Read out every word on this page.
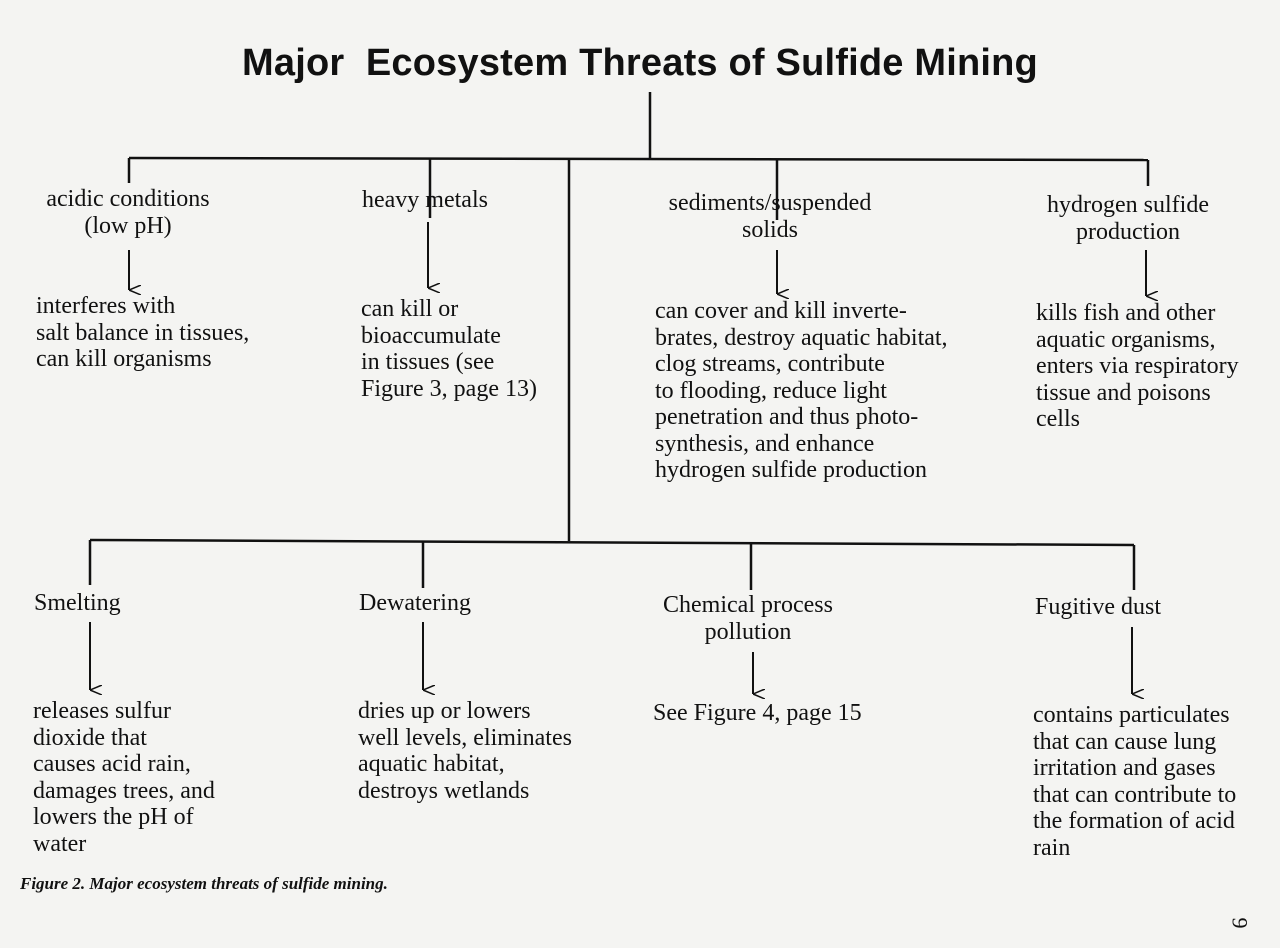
Major  Ecosystem Threats of Sulfide Mining
acidic conditions
(low pH)
interferes with
salt balance in tissues,
can kill organisms
heavy metals
can kill or
bioaccumulate
in tissues (see
Figure 3, page 13)
sediments/suspended
solids
can cover and kill inverte-
brates, destroy aquatic habitat,
clog streams, contribute
to flooding, reduce light
penetration and thus photo-
synthesis, and enhance
hydrogen sulfide production
hydrogen sulfide
production
kills fish and other
aquatic organisms,
enters via respiratory
tissue and poisons
cells
Smelting
releases sulfur
dioxide that
causes acid rain,
damages trees, and
lowers the pH of
water
Dewatering
dries up or lowers
well levels, eliminates
aquatic habitat,
destroys wetlands
Chemical process
pollution
See Figure 4, page 15
Fugitive dust
contains particulates
that can cause lung
irritation and gases
that can contribute to
the formation of acid
rain
Figure 2. Major ecosystem threats of sulfide mining.
9
